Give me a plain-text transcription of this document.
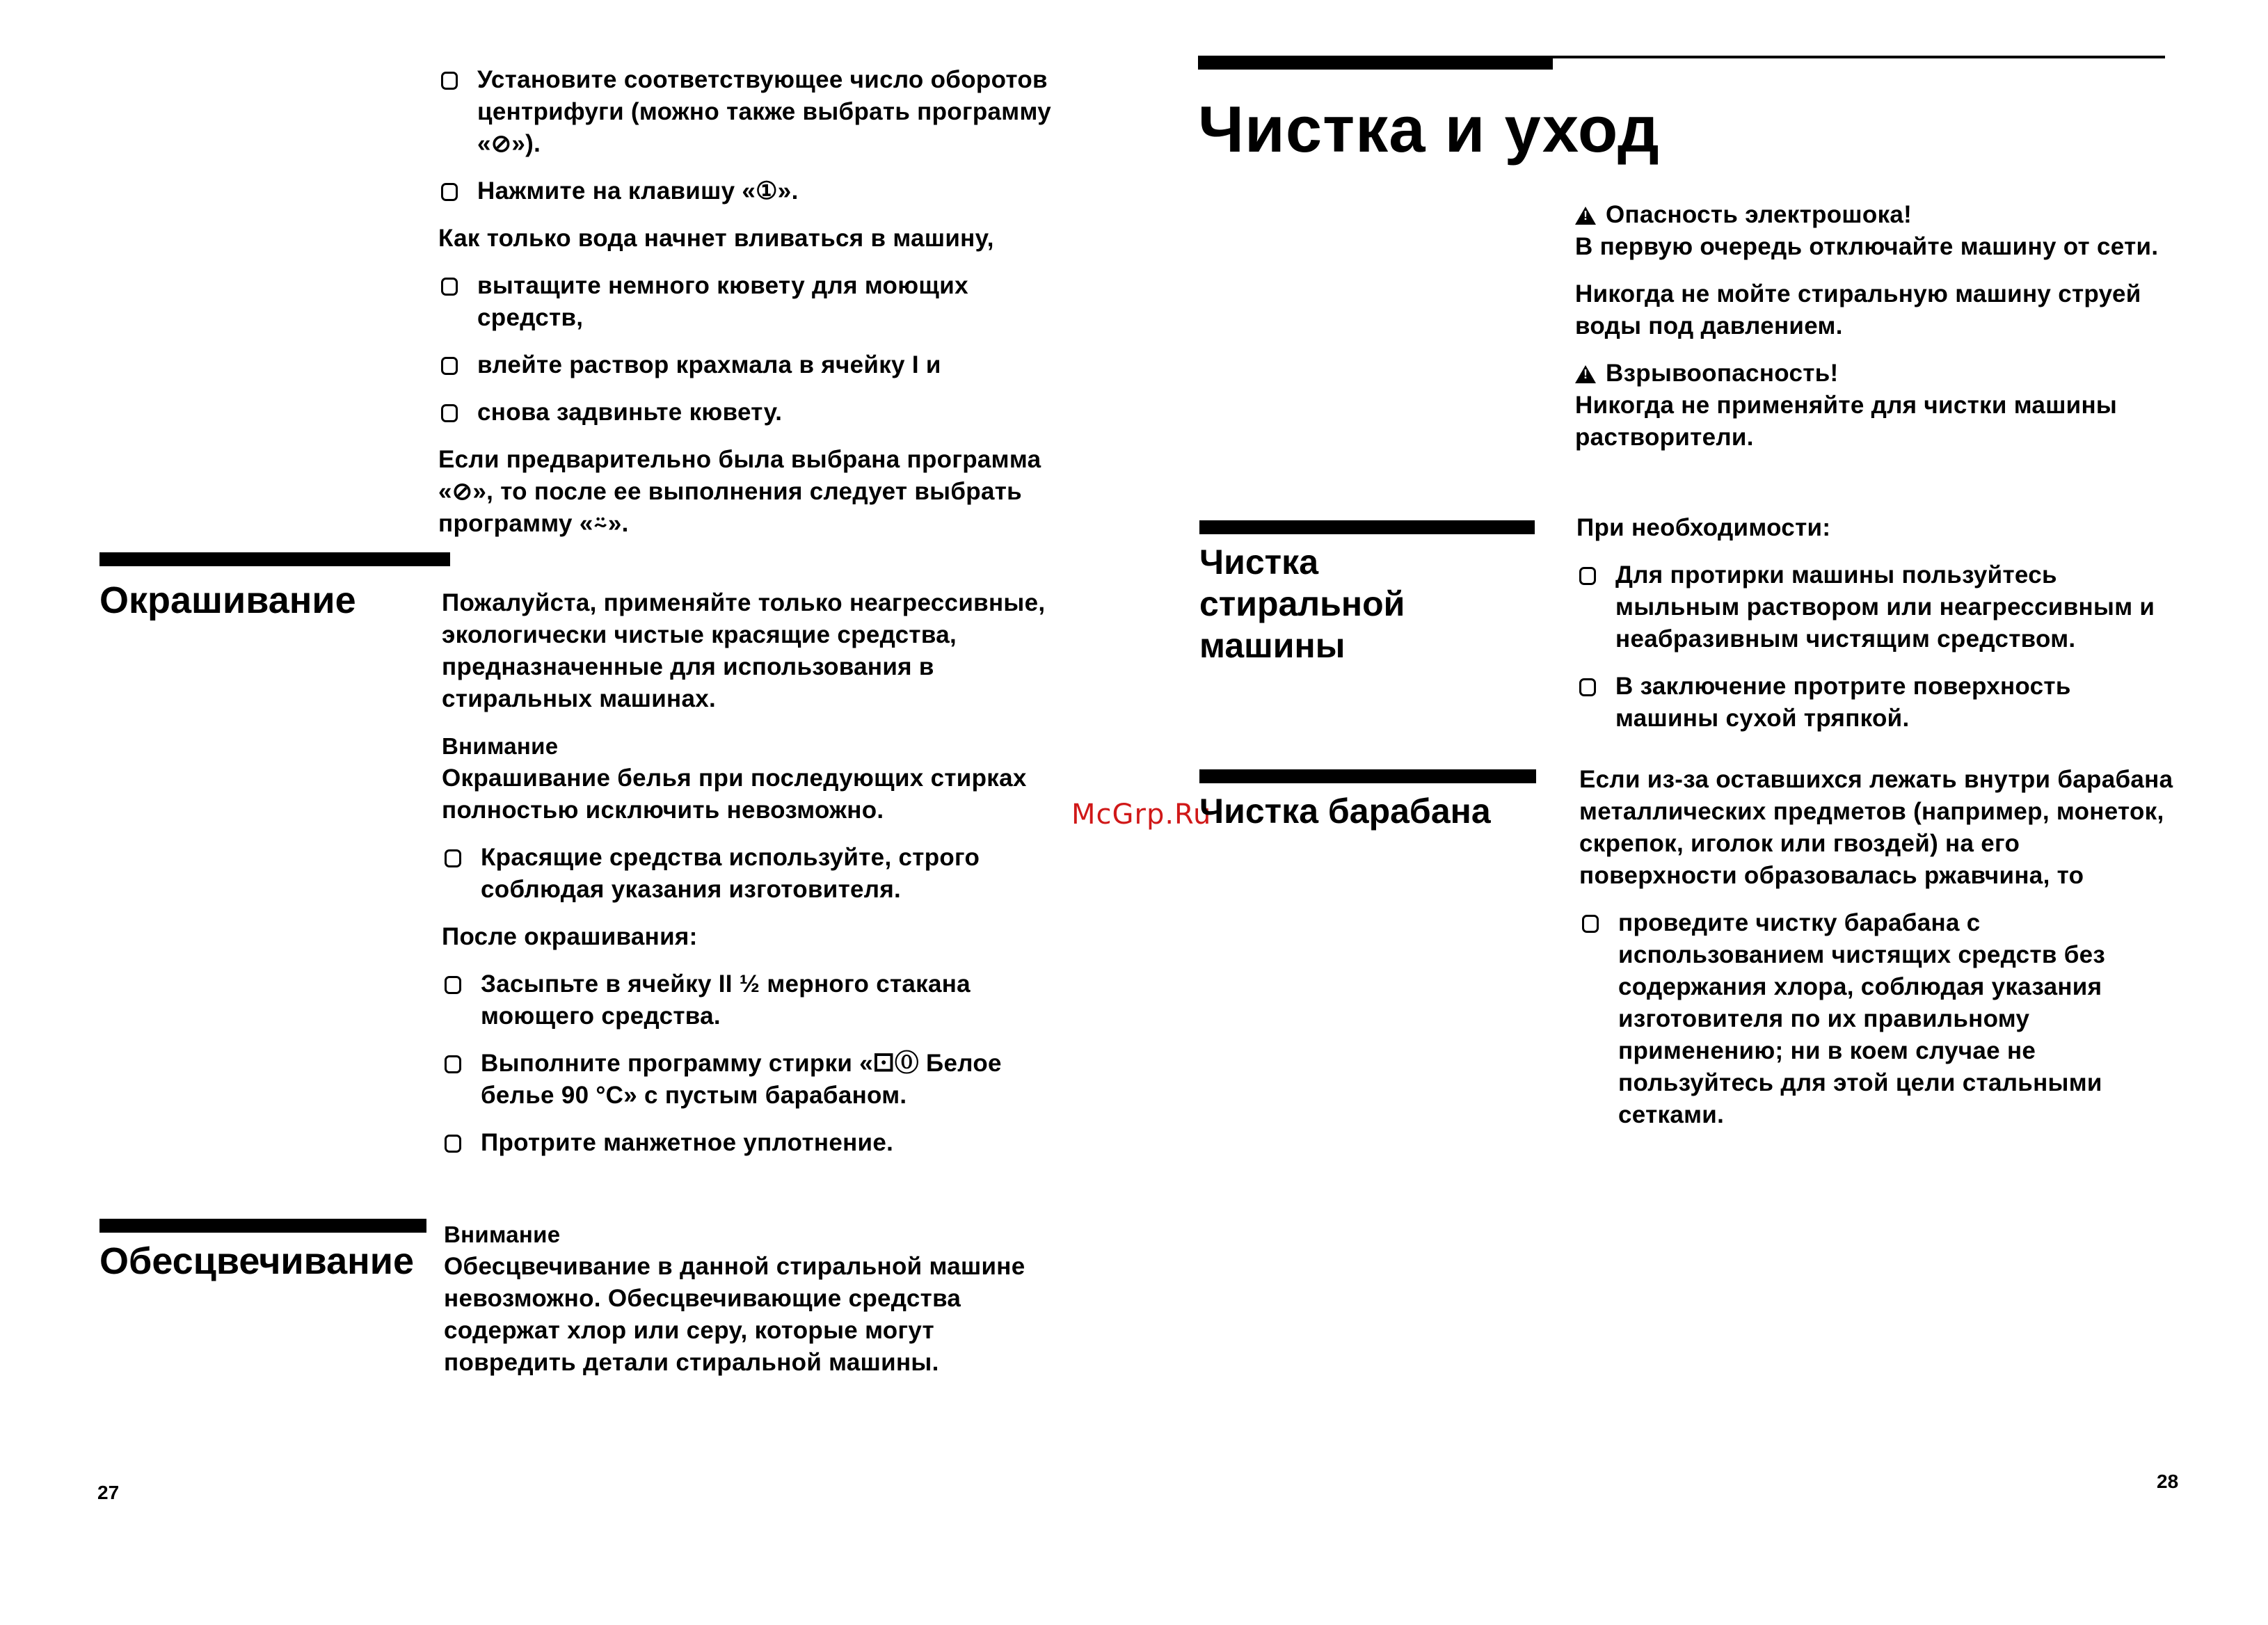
Установите соответствующее число оборотов центрифуги (можно также выбрать программу «⊘»).
Нажмите на клавишу «①».
Как только вода начнет вливаться в машину,
вытащите немного кювету для моющих средств,
влейте раствор крахмала в ячейку I и
снова задвиньте кювету.
Если предварительно была выбрана программа «⊘», то после ее выполнения следует выбрать программу «⍨».
Окрашивание	Пожалуйста, применяйте только неагрессивные, экологически чистые красящие средства, предназначенные для использования в стиральных машинах.
Внимание
Окрашивание белья при последующих стирках полностью исключить невозможно.
Красящие средства используйте, строго соблюдая указания изготовителя.
После окрашивания:
Засыпьте в ячейку II ½ мерного стакана моющего средства.
Выполните программу стирки «⚀⓪ Белое белье 90 °C» с пустым барабаном.
Протрите манжетное уплотнение.
Обесцвечивание
Внимание
Обесцвечивание в данной стиральной машине невозможно. Обесцвечивающие средства содержат хлор или серу, которые могут повредить детали стиральной машины.
27
McGrp.Ru
Чистка и уход
!Опасность электрошока!
В первую очередь отключайте машину от сети.
Никогда не мойте стиральную машину струей воды под давлением.
!Взрывоопасность!
Никогда не применяйте для чистки машины растворители.
Чистка
стиральной
машины
При необходимости:
Для протирки машины пользуйтесь мыльным раствором или неагрессивным и неабразивным чистящим средством.
В заключение протрите поверхность машины сухой тряпкой.
Чистка барабана
Если из-за оставшихся лежать внутри барабана металлических предметов (например, монеток, скрепок, иголок или гвоздей) на его поверхности образовалась ржавчина, то
проведите чистку барабана с использованием чистящих средств без содержания хлора, соблюдая указания изготовителя по их правильному применению; ни в коем случае не пользуйтесь для этой цели стальными сетками.
28
